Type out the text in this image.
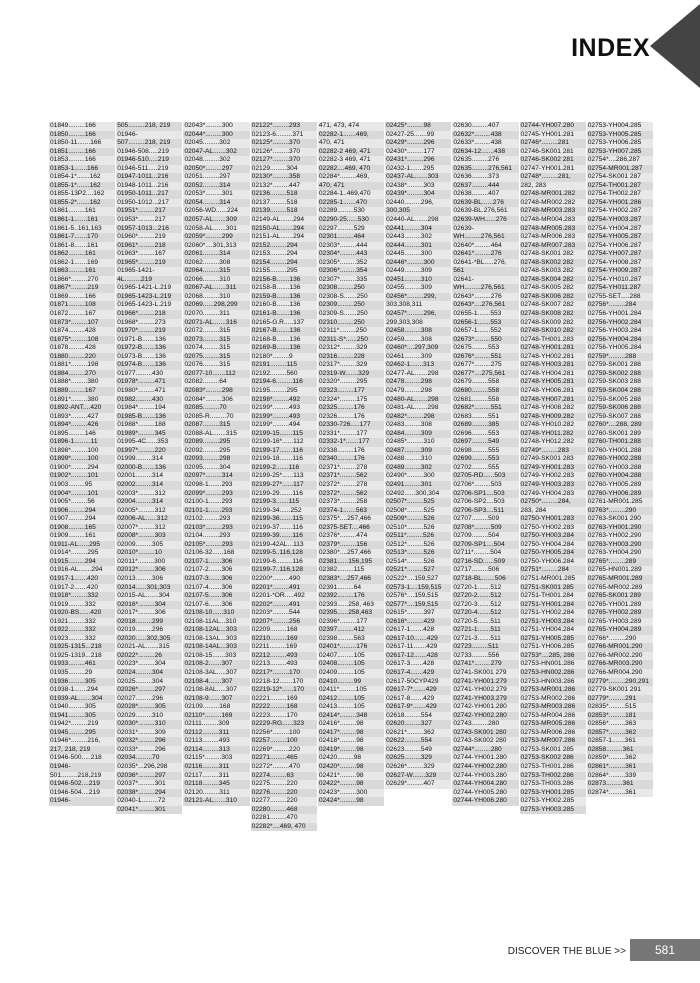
INDEX
01849.........166
01850.........166
01850-11.......166
01851.........166
01853.........166
01853-1.......166
01854-1*.......162
01855-1*.......162
01855-13P2....162
01855-2*.......162
01861.........161
01861-1.......161
01861-5..161,163
01861-7.......170
01861-8.......161
01862.........161
01862-1.......169
01863.........161
01866*.........270
01867*.........219
01869.........166
01871.........108
01872.........167
01873*.........107
01874.........428
01875*.........108
01878.........428
01880.........220
01881*.........198
01884.........270
01888*.........380
01889.........167
01891*.........380
01892-ANT....420
01893*.........427
01894*.........426
01895.........146
01896-1.........11
01898*.........100
01899*.........100
01900*.........294
01902*.........101
01903.........95
01904*.........101
01905*.........56
01906.........294
01907.........294
01908.........165
01909.........161
01911-AL......295
01914*.........295
01915.........294
01916-AL.......294
01917-1.......420
01917-2.......420
01918*.........332
01919.........332
01920-BS......420
01921.........332
01922.........332
01923.........332
01925-1315...218
01925-1319...218
01933.........461
01935.........29
01936.........305
01938-1.......294
01939-AL.......304
01940.........305
01941.........305
01942*.........219
01945.........295
01946*.........216,
217, 218, 219
01946-500.....218
01946-
501.........218,219
01946-502....219
01946-504....219
01946-
505.........218, 219
01946-
507.........218, 219
01946-508.....219
01946-510.....219
01946-511.....219
01947-1011...216
01948-1011...216
01950-1011...217
01950-1012...217
01951*.........217
01953*.........217
01957-1013...216
01960*.........219
01961*.........218
01963*.........167
01965*.........219
01965-1421-
4L.........219
01965-1421-L.219
01965-1423-L.219
01965-1423-L.219
01966*.........218
01968*.........273
01970*.........219
01971-B.......136
01972-B.......136
01973-B.......136
01974-B.......136
01977.........430
01978*.........471
01980*.........471
01982.........430
01984*.........194
01985-B.......136
01988*.........188
01989*.........345
01995-4C......353
01997*.........220
01999.........314
02000-B.......136
02001.........314
02002.........314
02003*.........312
02004.........314
02005*.........312
02006-AL......312
02007*.........312
02008*.........303
02009.........305
02010*.........10
02011*.........300
02012*.........306
02013.........306
02014......301,303
02015-AL.......304
02016*.........304
02017*.........306
02018.........299
02019.........296
02020......302,305
02021-AL.......315
02022*.........26
02023*.........304
02024.........304
02025.........304
02026*.........297
02027.........296
02028*.........305
02029.........310
02030*.........310
02031*.........309
02032*.........296
02033*.........296
02034.........70
02035*...296,298
02036*.........297
02037*.........301
02038*.........294
02040-1.........72
02041*.........301
02043*.........300
02044*.........300
02045.........302
02047-AL.......302
02048.........302
02050*.........297
02051.........297
02052.........314
02053*.........301
02054.........314
02056-WD......224
02057-AL.......309
02058-AL.......301
02059*.........299
02060*....301,313
02061.........314
02062.........308
02064.........315
02066.........310
02067-AL.......311
02068.........310
02069......298,299
02070.........311
02071-AL.......316
02072.........315
02073.........315
02074.........315
02075.........315
02076.........315
02077-10.......112
02082.........64
02083*.........298
02084*.........306
02085.........70
02085-R.........70
02087.........315
02088-AL.......315
02089.........295
02092.........295
02093.........298
02095.........304
02097*.........314
02098-1.......293
02099*.........293
02100-1.......293
02101-1.......293
02102.........293
02103*.........293
02104.........293
02105*.........293
02106-32......168
02107-1.......306
02107-2.......306
02107-3.......306
02107-4.......306
02107-5.......306
02107-6.......306
02108-10......310
02108-11AL...310
02108-12AL...303
02108-13AL...303
02108-14AL...303
02108-15.......303
02108-2.......307
02108-3AL.....307
02108-4.......307
02108-8AL.....307
02108-9.......307
02109.........168
02110*.........169
02111.........309
02112.........311
02113.........493
02114.........313
02115*.........303
02116.........311
02117.........311
02118.........345
02120.........311
02121-AL.......310
02122*.........293
02123-6.........371
02125*.........370
02126*.........370
02127*.........370
02129.........304
02130*.........358
02132*.........447
02136.........518
02137.........518
02139.........518
02149-AL.......294
02150-AL.......294
02151-AL.......294
02152.........294
02153.........294
02154.........294
02155.........295
02156-B.......136
02158-B.......136
02159-B.......136
02160-B.......136
02161-B.......136
02165-G.R.....137
02167-B.......136
02168-B.......136
02169-B.......136
02180*.........9
02191.........115
02192.........560
02194-6.........116
02195.........295
02198*.........492
02199*.........493
02199*.........493
02199*.........494
02199-15.......115
02199-16*......112
02199-17.......116
02199-18.......116
02199-2.......116
02199-25*......113
02199-27*......117
02199-29.......116
02199-3.......115
02199-34......252
02199-36.......115
02199-37.......116
02199-39.......116
02199-42AL...113
02199-5..116,128
02199-6.........116
02199-7..116,128
02200*.........490
02201*.........491
02201-*OR.....492
02202*.........491
02203*.........544
02207*.........256
02209.........168
02210.........169
02211.........169
02212.........493
02213.........493
02217*.........170
02218-12.......170
02219-12*......170
02221.........169
02222.........168
02223.........170
02229-RG......323
02256*.........100
02257.........100
02269*.........220
02271.........465
02272*.........470
02274.........63
02275.........220
02276.........220
02277.........220
02280.........468
02281.........470
02282*....469, 470
471, 473, 474
02282-1.......469,
470, 471
02282-2 469, 471
02282-3 469, 471
02282....469, 470
02284*.........469,
470, 471
02284-1..469,470
02285-1.......470
02289.........530
02290-25......530
02297.........529
02301.........464
02303*.........444
02304*.........443
02305*.........352
02306*.........354
02307*.........335
02308.........250
02308-S.......250
02309.........250
02309-S.......250
02310.........250
02311*.........250
02311-S*......250
02312*.........329
02316.........228
02317*.........329
02319-W.......329
02320*.........295
02323.........177
02324*.........175
02325.........176
02326.........176
02330-726.....177
02331*.........177
02332-1*.......177
02338.........176
02340.........176
02371*.........278
02371*.........562
02372*.........278
02372*.........562
02373*.........258
02374-1.......563
02375*....257,466
02375-SET....466
02376*.........474
02379*.........156
02380*....257,466
02381......156,195
02382.........115
02383*....257,466
02391.........64
02392.........176
02393......258, 463
02395......258,463
02396*.........177
02397.........412
02398.........563
02401*.........176
02407.........105
02408.........105
02409.........105
02410.........99
02411*.........105
02412.........105
02413.........105
02414*.........348
02416*.........98
02417*.........98
02418*.........98
02419*.........98
02420.........98
02420*.........98
02421*.........98
02422*.........98
02423*.........300
02424*.........98
02425*.........98
02427-25.......99
02429*.........296
02430*.........177
02431*.........296
02432-1.......295
02437-AL.......303
02438*.........303
02439*.........304
02440.........296,
300,305
02440-AL.......298
02441.........304
02443.........302
02444.........301
02445.........300
02446*.........300
02449.........309
02451.........310
02455.........309
02456*.........299,
303,308,311
02457*.........296,
299,303,308
02458.........308
02459.........308
02460*....297,309
02461.........309
02462-1.......313
02477-AL.......298
02478.........298
02479.........298
02480-AL.......298
02481-AL.......298
02482*.........298
02483.........308
02484.........309
02485*.........310
02487.........309
02488.........310
02489.........302
02490*.........300
02491.........301
02492......300,304
02507*.........525
02508*.........525
02509*.........526
02510*.........526
02511*.........526
02512*.........526
02513*.........526
02514*.........526
02521*.........527
02522*....159,527
02573-1....159,515
02576*....159,515
02577*....159,515
02615*.........397
02616*.........429
02617-1.......428
02617-10.......429
02617-11.......429
02617-12.......428
02617-3.......428
02617-4.......429
02617-50CYP429
02617-7*.......429
02617-8.......429
02617-9*.......429
02618.........554
02620.........327
02621*.........362
02622.........554
02623.........549
02625.........329
02626*.........329
02627-W.......329
02629*.........407
02630.........407
02632*.........438
02633*.........438
02634-12.......438
02635.........276
02635.........276,561
02636.........373
02637.........444
02638.........407
02639-BL......276
02639-BL.276,561
02639-WH......276
02639-
WH.........276,561
02640*.........464
02641*.........276
02641-*BL.....276,
561
02641-
WH.........276,561
02643*.........276
02643*....276,561
02655-1.......553
02656-1.......553
02657-1.......552
02673*.........550
02675.........553
02676*.........551
02677*.........275
02677*....275,561
02679.........558
02680.........558
02681.........558
02682*.........551
02683.........551
02689.........385
02696.........553
02697.........549
02698.........555
02699.........553
02702.........555
02705-RD......503
02706*.........503
02706-SP1....503
02706-SP2....503
02706-SP3....511
02707.........509
02708*.........509
02709.........504
02709-SP1....504
02711*.........504
02716-SD......509
02717.........506
02718-BL.......506
02720-1.......512
02720-2.......512
02720-3.......512
02720-4.......512
02720-5.......511
02721-1.......511
02721-3.......511
02723.........511
02733.........556
02741*.........279
02741-SK001 279
02741-YH001.279
02741-YH002.279
02741-YH003.279
02742-YH001.280
02742-YH002.280
02743.........280
02743-SK001 280
02743-SK002 280
02744*.........280
02744-YH001.280
02744-YH002.280
02744-YH003.280
02744-YH004.280
02744-YH005.280
02744-YH006.280
02744-YH007.280
02745-YH001.281
02746*.........281
02746-SK001 281
02746-SK002 281
02747-YH001.281
02748*.........281,
282, 283
02748-MR001.282
02748-MR002.282
02748-MR003.283
02748-MR004.283
02748-MR005.283
02748-MR006.283
02748-MR007.283
02748-SK001 282
02748-SK002 282
02748-SK003 282
02748-SK004 282
02748-SK005 282
02748-SK006 282
02748-SK007 282
02748-SK008 282
02748-SK009 282
02748-SK010 282
02748-TH001.283
02748-YH001.281
02748-YH002.281
02748-YH003.281
02748-YH004.281
02748-YH005.281
02748-YH006.281
02748-YH007.281
02748-YH008.282
02748-YH009.282
02748-YH010.282
02748-YH011.282
02748-YH012.282
02749*.........283
02749-SK001 283
02749-YH001.283
02749-YH002.283
02749-YH003.283
02749-YH004.283
02750*.........284,
283, 284
02750-YH001.283
02750-YH002.283
02750-YH003.284
02750-YH004.284
02750-YH005.284
02750-YH006.284
02751*.........284
02751-MR001.285
02751-SK001 285
02751-TH001.284
02751-YH001.284
02751-YH002.284
02751-YH003.284
02751-YH004.284
02751-YH005.285
02751-YH006.285
02753*....285, 286
02753-HN001.286
02753-HN002.286
02753-HN003.286
02753-MR001.286
02753-MR002.286
02753-MR003.286
02753-MR004.286
02753-MR005.286
02753-MR006.286
02753-MR007.286
02753-SK001 285
02753-SK002 286
02753-TH001.286
02753-TH002.286
02753-TH003.286
02753-YH001.285
02753-YH002.285
02753-YH003.285
02753-YH004.285
02753-YH005.285
02753-YH006.285
02753-YH007.285
02754*....286,287
02754-MR001.287
02754-SK001 287
02754-TH001.287
02754-TH002.287
02754-YH001.286
02754-YH002.287
02754-YH003.287
02754-YH004.287
02754-YH005.287
02754-YH006.287
02754-YH007.287
02754-YH008.287
02754-YH009.287
02754-YH010.287
02754-YH011.287
02755-SET.....288
02756*.........284
02756-YH001.284
02756-YH002.284
02756-YH003.284
02756-YH004.284
02756-YH005.284
02759*.........288
02759-SK001 288
02759-SK002 288
02759-SK003 288
02759-SK004 288
02759-SK005 288
02759-SK006 288
02759-SK007 288
02760*....288, 289
02760-SK001 289
02760-TH001.288
02760-YH001.288
02760-YH002.288
02760-YH003.288
02760-YH004.288
02760-YH005.289
02760-YH006.289
02761-MR001.285
02763*.........290
02763-SK001 290
02763-YH001.290
02763-YH002.290
02763-YH003.290
02763-YH004.290
02765*.........289
02765-HN001.289
02765-MR001.289
02765-MR002.289
02765-SK001 289
02765-YH001.289
02765-YH002.289
02765-YH003.289
02765-YH004.289
02766*.........290
02766-MR001.290
02766-MR002.290
02766-MR003.290
02766-MR004.290
02779*.........290,291
02779-SK001 291
02779*.........291
02835*.........515
02853*.........181
02856*.........363
02857*.........362
02857-1.......361
02858.........361
02859*.........362
02861*.........361
02864*.........339
02873.........361
02874*.........361
DISCOVER THE BLUE >>	581
